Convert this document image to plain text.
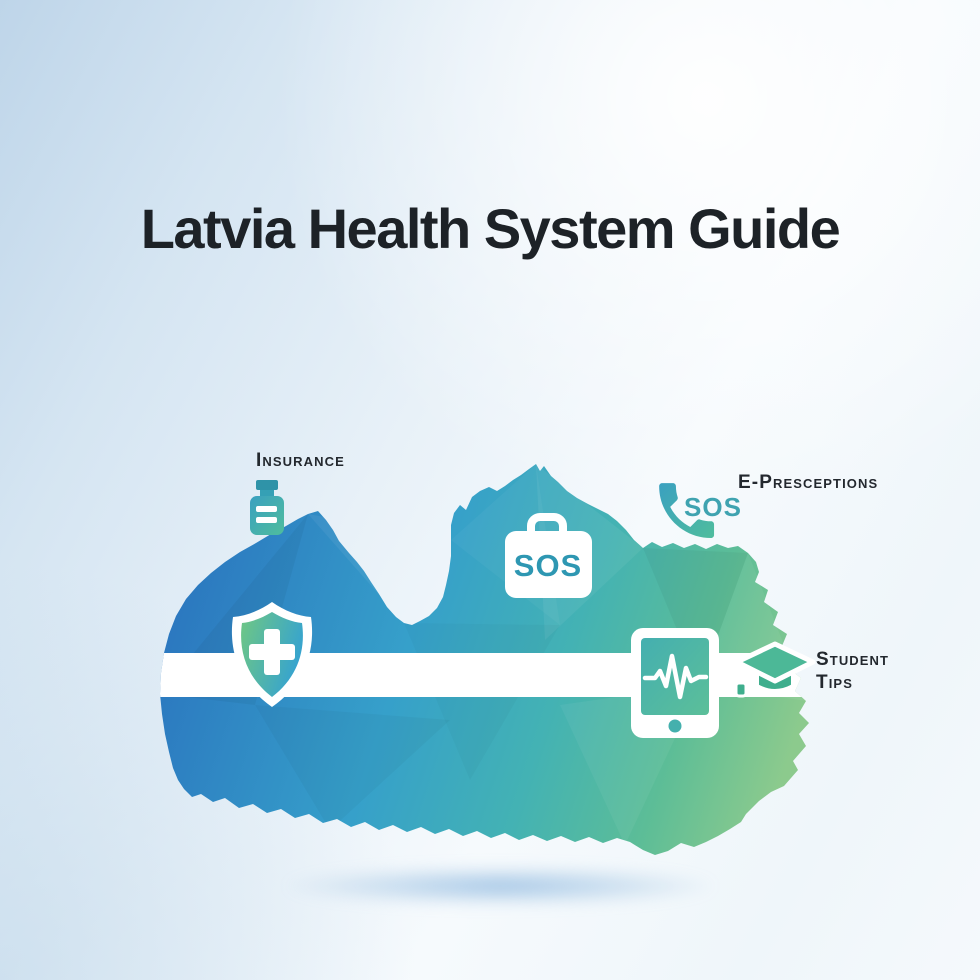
Latvia Health System Guide
SOS
SOS
Insurance
E-Presceptions
Student
Tips
